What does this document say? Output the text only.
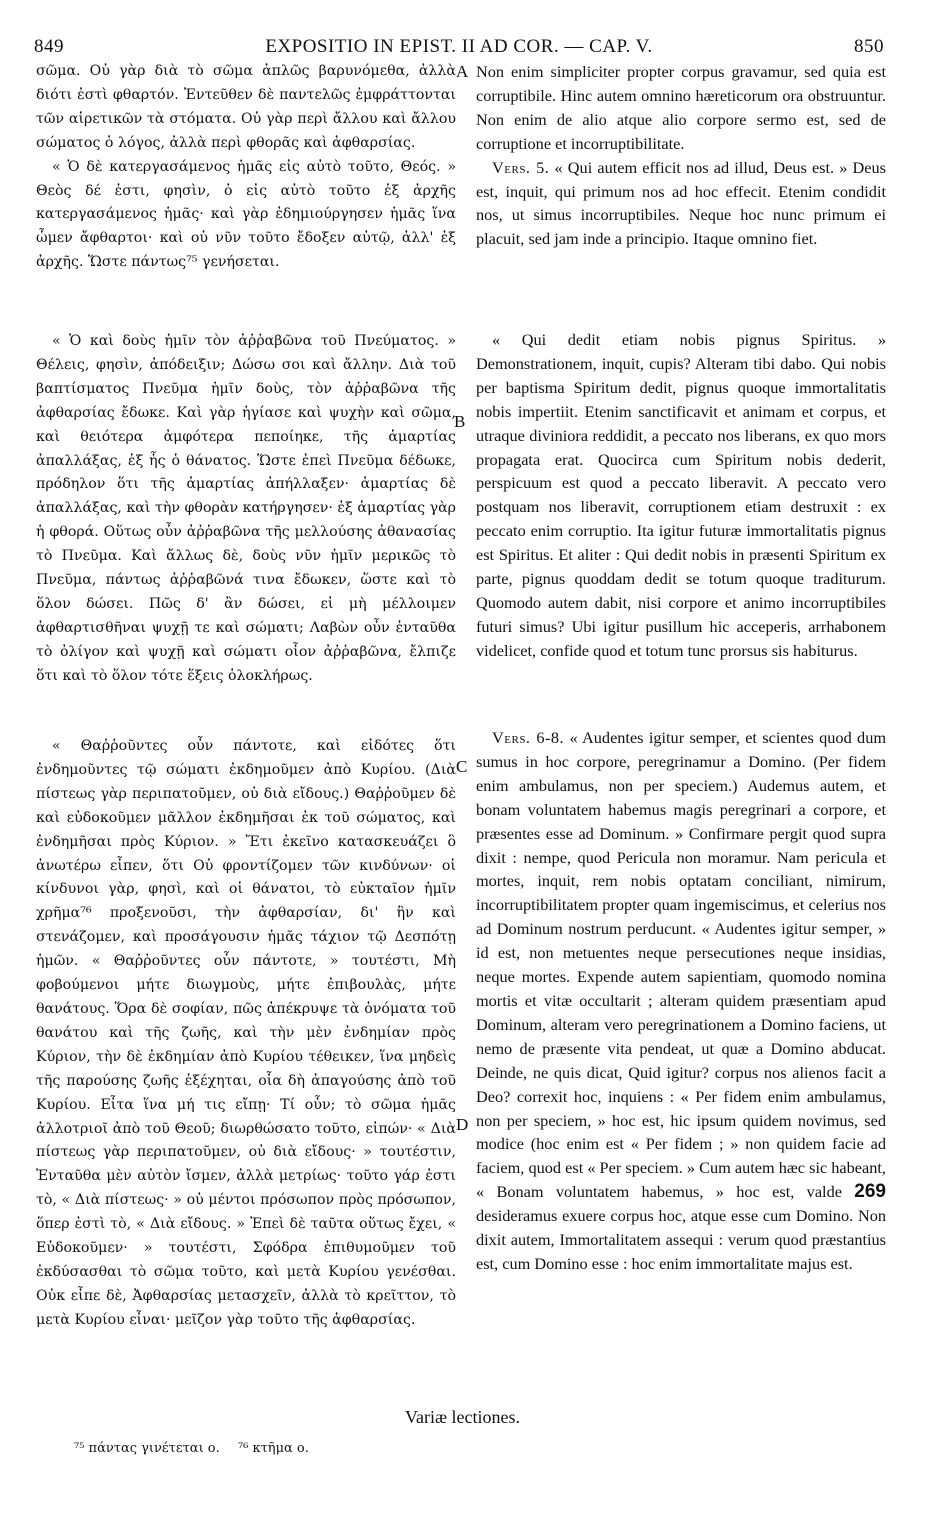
849	EXPOSITIO IN EPIST. II AD COR. — CAP. V.	850
A
B
C
D

σῶμα. Οὐ γὰρ διὰ τὸ σῶμα ἁπλῶς βαρυνόμεθα, ἀλλὰ διότι ἐστὶ φθαρτόν. Ἐντεῦθεν δὲ παντελῶς ἐμφράττονται τῶν αἱρετικῶν τὰ στόματα. Οὐ γὰρ περὶ ἄλλου καὶ ἄλλου σώματος ὁ λόγος, ἀλλὰ περὶ φθορᾶς καὶ ἀφθαρσίας.

« Ὁ δὲ κατεργασάμενος ἡμᾶς εἰς αὐτὸ τοῦτο, Θεός. » Θεὸς δέ ἐστι, φησὶν, ὁ εἰς αὐτὸ τοῦτο ἐξ ἀρχῆς κατεργασάμενος ἡμᾶς· καὶ γὰρ ἐδημιούργησεν ἡμᾶς ἵνα ὦμεν ἄφθαρτοι· καὶ οὐ νῦν τοῦτο ἔδοξεν αὐτῷ, ἀλλ' ἐξ ἀρχῆς. Ὥστε πάντως⁷⁵ γενήσεται.

« Ὁ καὶ δοὺς ἡμῖν τὸν ἀῤῥαβῶνα τοῦ Πνεύματος. » Θέλεις, φησὶν, ἀπόδειξιν; Δώσω σοι καὶ ἄλλην. Διὰ τοῦ βαπτίσματος Πνεῦμα ἡμῖν δοὺς, τὸν ἀῤῥαβῶνα τῆς ἀφθαρσίας ἔδωκε. Καὶ γὰρ ἡγίασε καὶ ψυχὴν καὶ σῶμα, καὶ θειότερα ἀμφότερα πεποίηκε, τῆς ἁμαρτίας ἀπαλλάξας, ἐξ ἧς ὁ θάνατος. Ὥστε ἐπεὶ Πνεῦμα δέδωκε, πρόδηλον ὅτι τῆς ἁμαρτίας ἀπήλλαξεν· ἁμαρτίας δὲ ἀπαλλάξας, καὶ τὴν φθορὰν κατήργησεν· ἐξ ἁμαρτίας γὰρ ἡ φθορά. Οὕτως οὖν ἀῤῥαβῶνα τῆς μελλούσης ἀθανασίας τὸ Πνεῦμα. Καὶ ἄλλως δὲ, δοὺς νῦν ἡμῖν μερικῶς τὸ Πνεῦμα, πάντως ἀῤῥαβῶνά τινα ἔδωκεν, ὥστε καὶ τὸ ὅλον δώσει. Πῶς δ' ἂν δώσει, εἰ μὴ μέλλοιμεν ἀφθαρτισθῆναι ψυχῇ τε καὶ σώματι; Λαβὼν οὖν ἐνταῦθα τὸ ὀλίγον καὶ ψυχῇ καὶ σώματι οἷον ἀῤῥαβῶνα, ἔλπιζε ὅτι καὶ τὸ ὅλον τότε ἕξεις ὁλοκλήρως.

« Θαῤῥοῦντες οὖν πάντοτε, καὶ εἰδότες ὅτι ἐνδημοῦντες τῷ σώματι ἐκδημοῦμεν ἀπὸ Κυρίου. (Διὰ πίστεως γὰρ περιπατοῦμεν, οὐ διὰ εἴδους.) Θαῤῥοῦμεν δὲ καὶ εὐδοκοῦμεν μᾶλλον ἐκδημῆσαι ἐκ τοῦ σώματος, καὶ ἐνδημῆσαι πρὸς Κύριον. » Ἔτι ἐκεῖνο κατασκευάζει ὃ ἀνωτέρω εἶπεν, ὅτι Οὐ φροντίζομεν τῶν κινδύνων· οἱ κίνδυνοι γὰρ, φησὶ, καὶ οἱ θάνατοι, τὸ εὐκταῖον ἡμῖν χρῆμα⁷⁶ προξενοῦσι, τὴν ἀφθαρσίαν, δι' ἣν καὶ στενάζομεν, καὶ προσάγουσιν ἡμᾶς τάχιον τῷ Δεσπότῃ ἡμῶν. « Θαῤῥοῦντες οὖν πάντοτε, » τουτέστι, Μὴ φοβούμενοι μήτε διωγμοὺς, μήτε ἐπιβουλὰς, μήτε θανάτους. Ὅρα δὲ σοφίαν, πῶς ἀπέκρυψε τὰ ὀνόματα τοῦ θανάτου καὶ τῆς ζωῆς, καὶ τὴν μὲν ἐνδημίαν πρὸς Κύριον, τὴν δὲ ἐκδημίαν ἀπὸ Κυρίου τέθεικεν, ἵνα μηδεὶς τῆς παρούσης ζωῆς ἐξέχηται, οἷα δὴ ἀπαγούσης ἀπὸ τοῦ Κυρίου. Εἶτα ἵνα μή τις εἴπῃ· Τί οὖν; τὸ σῶμα ἡμᾶς ἀλλοτριοῖ ἀπὸ τοῦ Θεοῦ; διωρθώσατο τοῦτο, εἰπών· « Διὰ πίστεως γὰρ περιπατοῦμεν, οὐ διὰ εἴδους· » τουτέστιν, Ἐνταῦθα μὲν αὐτὸν ἴσμεν, ἀλλὰ μετρίως· τοῦτο γάρ ἐστι τὸ, « Διὰ πίστεως· » οὐ μέντοι πρόσωπον πρὸς πρόσωπον, ὅπερ ἐστὶ τὸ, « Διὰ εἴδους. » Ἐπεὶ δὲ ταῦτα οὕτως ἔχει, « Εὐδοκοῦμεν· » τουτέστι, Σφόδρα ἐπιθυμοῦμεν τοῦ ἐκδύσασθαι τὸ σῶμα τοῦτο, καὶ μετὰ Κυρίου γενέσθαι. Οὐκ εἶπε δὲ, Ἀφθαρσίας μετασχεῖν, ἀλλὰ τὸ κρεῖττον, τὸ μετὰ Κυρίου εἶναι· μεῖζον γὰρ τοῦτο τῆς ἀφθαρσίας.

Non enim simpliciter propter corpus gravamur, sed quia est corruptibile. Hinc autem omnino hæreticorum ora obstruuntur. Non enim de alio atque alio corpore sermo est, sed de corruptione et incorruptibilitate.

Vers. 5. « Qui autem efficit nos ad illud, Deus est. » Deus est, inquit, qui primum nos ad hoc effecit. Etenim condidit nos, ut simus incorruptibiles. Neque hoc nunc primum ei placuit, sed jam inde a principio. Itaque omnino fiet.

« Qui dedit etiam nobis pignus Spiritus. » Demonstrationem, inquit, cupis? Alteram tibi dabo. Qui nobis per baptisma Spiritum dedit, pignus quoque immortalitatis nobis impertiit. Etenim sanctificavit et animam et corpus, et utraque diviniora reddidit, a peccato nos liberans, ex quo mors propagata erat. Quocirca cum Spiritum nobis dederit, perspicuum est quod a peccato liberavit. A peccato vero postquam nos liberavit, corruptionem etiam destruxit : ex peccato enim corruptio. Ita igitur futuræ immortalitatis pignus est Spiritus. Et aliter : Qui dedit nobis in præsenti Spiritum ex parte, pignus quoddam dedit se totum quoque traditurum. Quomodo autem dabit, nisi corpore et animo incorruptibiles futuri simus? Ubi igitur pusillum hic acceperis, arrhabonem videlicet, confide quod et totum tunc prorsus sis habiturus.

Vers. 6-8. « Audentes igitur semper, et scientes quod dum sumus in hoc corpore, peregrinamur a Domino. (Per fidem enim ambulamus, non per speciem.) Audemus autem, et bonam voluntatem habemus magis peregrinari a corpore, et præsentes esse ad Dominum. » Confirmare pergit quod supra dixit : nempe, quod Pericula non moramur. Nam pericula et mortes, inquit, rem nobis optatam conciliant, nimirum, incorruptibilitatem propter quam ingemiscimus, et celerius nos ad Dominum nostrum perducunt. « Audentes igitur semper, » id est, non metuentes neque persecutiones neque insidias, neque mortes. Expende autem sapientiam, quomodo nomina mortis et vitæ occultarit ; alteram quidem præsentiam apud Dominum, alteram vero peregrinationem a Domino faciens, ut nemo de præsente vita pendeat, ut quæ a Domino abducat. Deinde, ne quis dicat, Quid igitur? corpus nos alienos facit a Deo? correxit hoc, inquiens : « Per fidem enim ambulamus, non per speciem, » hoc est, hic ipsum quidem novimus, sed modice (hoc enim est « Per fidem ; » non quidem facie ad faciem, quod est « Per speciem. » Cum autem hæc sic habeant, « Bonam voluntatem habemus, » hoc est, valde 269 desideramus exuere corpus hoc, atque esse cum Domino. Non dixit autem, Immortalitatem assequi : verum quod præstantius est, cum Domino esse : hoc enim immortalitate majus est.

Variæ lectiones.
⁷⁵ πάντας γινέτεται ο. ⁷⁶ κτῆμα ο.
